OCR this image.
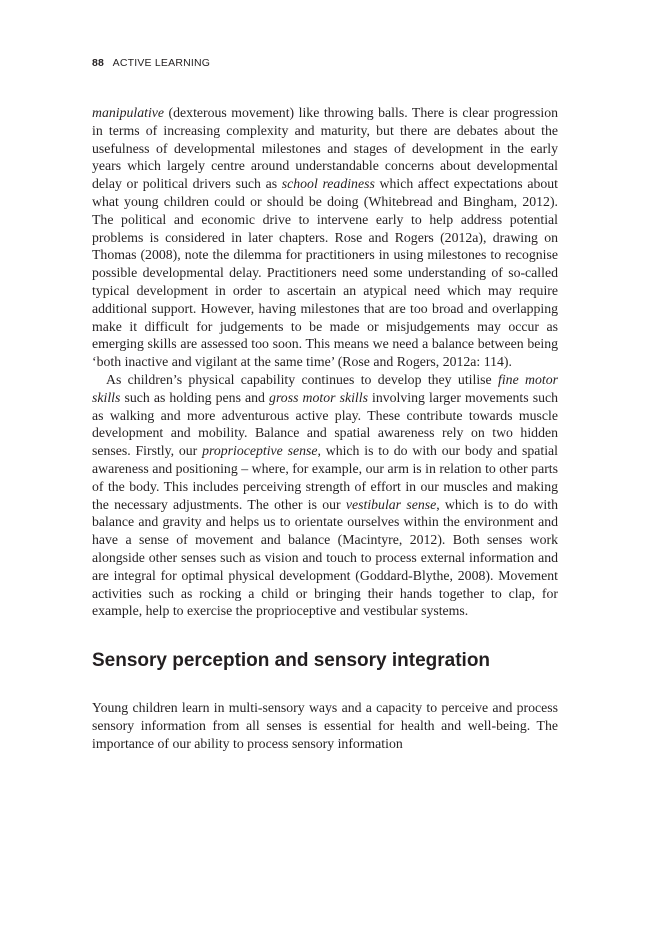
88 ACTIVE LEARNING

manipulative (dexterous movement) like throwing balls. There is clear progression in terms of increasing complexity and maturity, but there are debates about the usefulness of developmental milestones and stages of development in the early years which largely centre around understandable concerns about developmental delay or political drivers such as school readiness which affect expectations about what young children could or should be doing (Whitebread and Bingham, 2012). The political and economic drive to intervene early to help address potential problems is considered in later chapters. Rose and Rogers (2012a), drawing on Thomas (2008), note the dilemma for practitioners in using milestones to recognise possible developmental delay. Practitioners need some understanding of so-called typical development in order to ascertain an atypical need which may require additional support. However, having milestones that are too broad and overlapping make it difficult for judgements to be made or misjudgements may occur as emerging skills are assessed too soon. This means we need a balance between being ‘both inactive and vigilant at the same time’ (Rose and Rogers, 2012a: 114).

As children’s physical capability continues to develop they utilise fine motor skills such as holding pens and gross motor skills involving larger movements such as walking and more adventurous active play. These contribute towards muscle development and mobility. Balance and spatial awareness rely on two hidden senses. Firstly, our proprioceptive sense, which is to do with our body and spatial awareness and positioning – where, for example, our arm is in relation to other parts of the body. This includes perceiving strength of effort in our muscles and making the necessary adjustments. The other is our vestibular sense, which is to do with balance and gravity and helps us to orientate ourselves within the environment and have a sense of movement and balance (Macintyre, 2012). Both senses work alongside other senses such as vision and touch to process external information and are integral for optimal physical development (Goddard-Blythe, 2008). Movement activities such as rocking a child or bringing their hands together to clap, for example, help to exercise the proprioceptive and vestibular systems.

Sensory perception and sensory integration

Young children learn in multi-sensory ways and a capacity to perceive and process sensory information from all senses is essential for health and well-being. The importance of our ability to process sensory information
